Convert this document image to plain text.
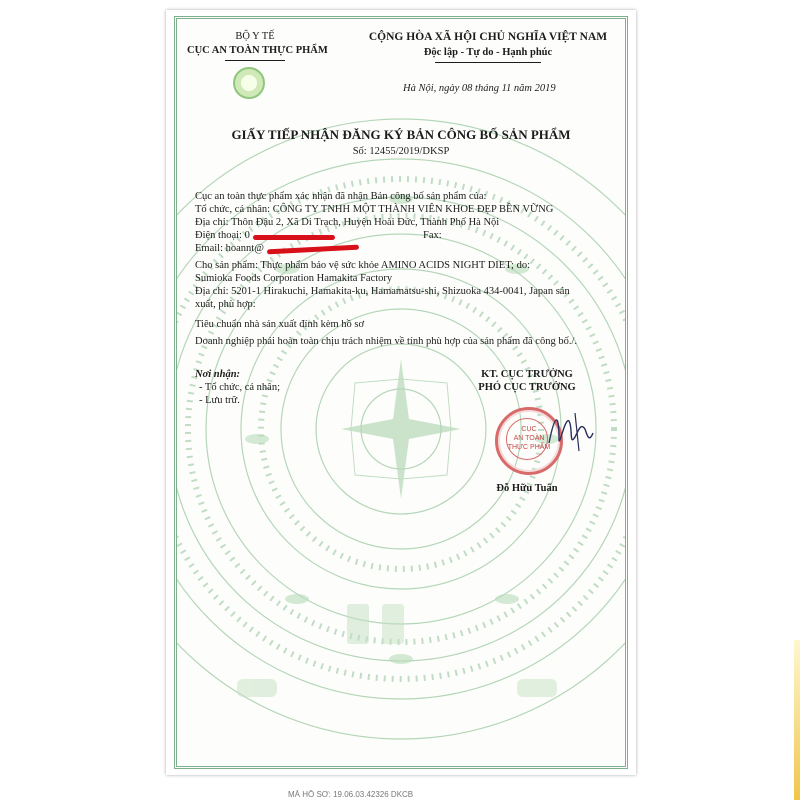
BỘ Y TẾ
CỤC AN TOÀN THỰC PHẨM
CỘNG HÒA XÃ HỘI CHỦ NGHĨA VIỆT NAM
Độc lập - Tự do - Hạnh phúc
Hà Nội, ngày 08 tháng 11 năm 2019
GIẤY TIẾP NHẬN ĐĂNG KÝ BẢN CÔNG BỐ SẢN PHẨM
Số: 12455/2019/DKSP
Cục an toàn thực phẩm xác nhận đã nhận Bản công bố sản phẩm của:
Tổ chức, cá nhân: CÔNG TY TNHH MỘT THÀNH VIÊN KHOE ĐẸP BỀN VỮNG
Địa chỉ: Thôn Đậu 2, Xã Di Trạch, Huyện Hoài Đức, Thành Phố Hà Nội
Điện thoại: 0	Fax:
Email: hoannt@
Cho sản phẩm: Thực phẩm bảo vệ sức khỏe AMINO ACIDS NIGHT DIET; do:
Sumioka Foods Corporation Hamakita Factory
Địa chỉ: 5201-1 Hirakuchi, Hamakita-ku, Hamamatsu-shi, Shizuoka 434-0041, Japan sản
xuất, phù hợp:
Tiêu chuẩn nhà sản xuất đính kèm hồ sơ
Doanh nghiệp phải hoàn toàn chịu trách nhiệm về tính phù hợp của sản phẩm đã công bố./.
Nơi nhận:
- Tổ chức, cá nhân;
- Lưu trữ.
KT. CỤC TRƯỞNG
PHÓ CỤC TRƯỞNG
CỤC
AN TOÀN
THỰC PHẨM
Đỗ Hữu Tuấn
MÃ HỒ SƠ: 19.06.03.42326 DKCB
